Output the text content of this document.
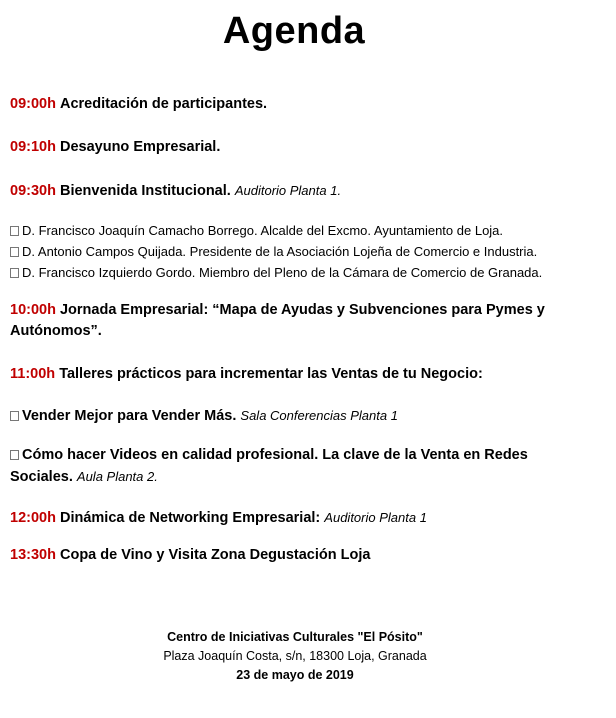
Agenda
09:00h Acreditación de participantes.
09:10h Desayuno Empresarial.
09:30h Bienvenida Institucional. Auditorio Planta 1.
D. Francisco Joaquín Camacho Borrego. Alcalde del Excmo. Ayuntamiento de Loja.
D. Antonio Campos Quijada. Presidente de la Asociación Lojeña de Comercio e Industria.
D. Francisco Izquierdo Gordo. Miembro del Pleno de la Cámara de Comercio de Granada.
10:00h Jornada Empresarial: “Mapa de Ayudas y Subvenciones para Pymes y
Autónomos”.
11:00h Talleres prácticos para incrementar las Ventas de tu Negocio:
Vender Mejor para Vender Más. Sala Conferencias Planta 1
Cómo hacer Videos en calidad profesional. La clave de la Venta en Redes
Sociales. Aula Planta 2.
12:00h Dinámica de Networking Empresarial: Auditorio Planta 1
13:30h Copa de Vino y Visita Zona Degustación Loja
Centro de Iniciativas Culturales "El Pósito"
Plaza Joaquín Costa, s/n, 18300 Loja, Granada
23 de mayo de 2019
